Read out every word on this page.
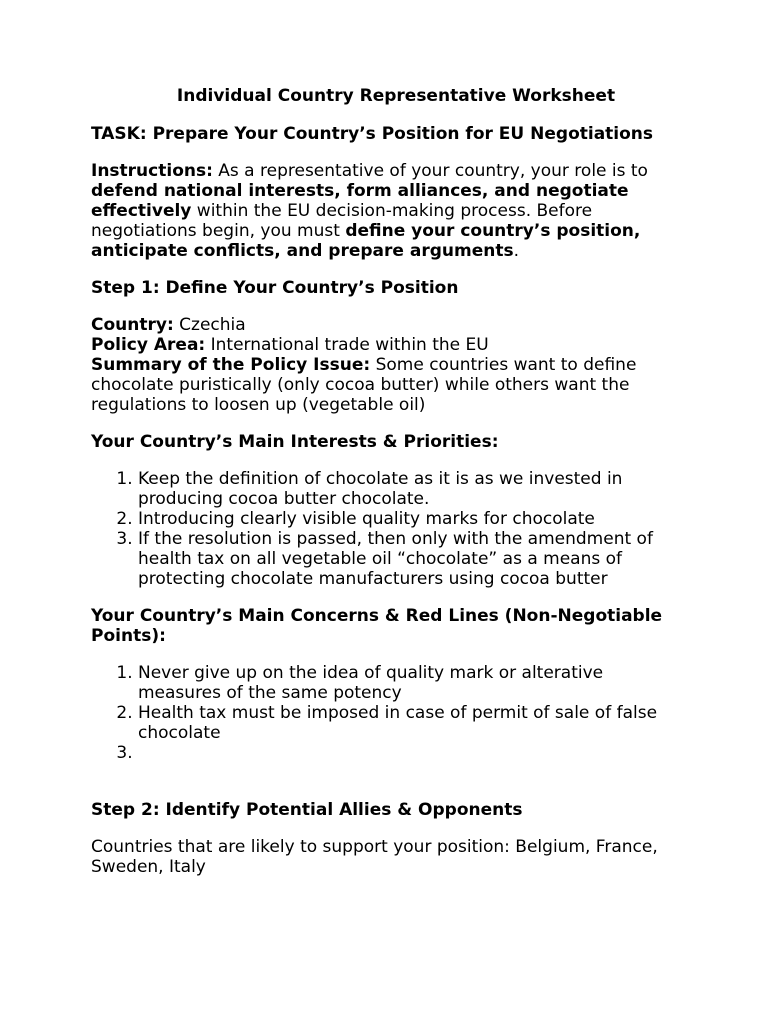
Individual Country Representative Worksheet

TASK: Prepare Your Country’s Position for EU Negotiations

Instructions: As a representative of your country, your role is to defend national interests, form alliances, and negotiate effectively within the EU decision-making process. Before negotiations begin, you must define your country’s position, anticipate conflicts, and prepare arguments.

Step 1: Define Your Country’s Position

Country: Czechia

Policy Area: International trade within the EU

Summary of the Policy Issue: Some countries want to define chocolate puristically (only cocoa butter) while others want the regulations to loosen up (vegetable oil)

Your Country’s Main Interests & Priorities:

1. Keep the definition of chocolate as it is as we invested in producing cocoa butter chocolate.
2. Introducing clearly visible quality marks for chocolate
3. If the resolution is passed, then only with the amendment of health tax on all vegetable oil “chocolate” as a means of protecting chocolate manufacturers using cocoa butter

Your Country’s Main Concerns & Red Lines (Non-Negotiable Points):

1. Never give up on the idea of quality mark or alterative measures of the same potency
2. Health tax must be imposed in case of permit of sale of false chocolate
3.

Step 2: Identify Potential Allies & Opponents

Countries that are likely to support your position: Belgium, France, Sweden, Italy
